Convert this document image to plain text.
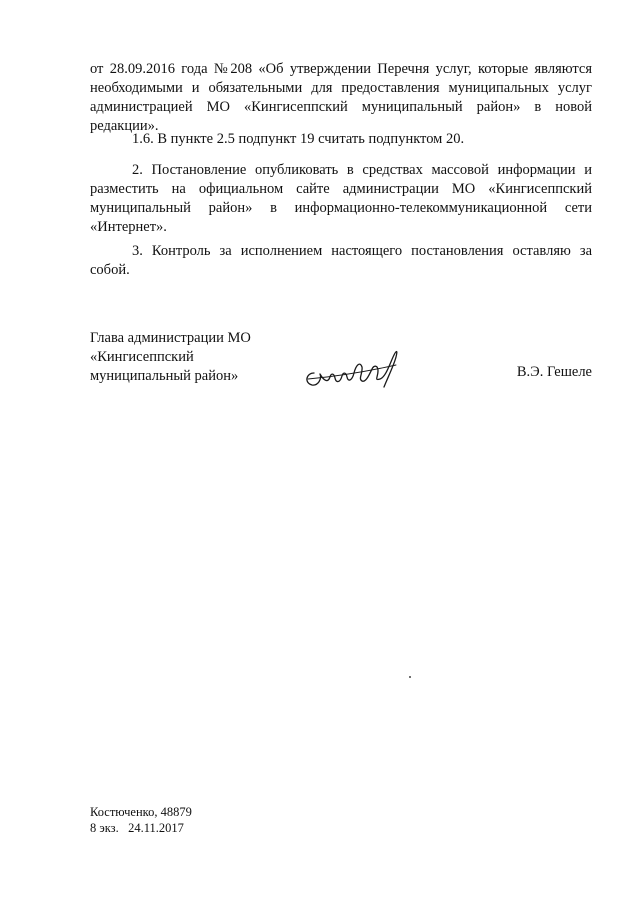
от 28.09.2016 года №208 «Об утверждении Перечня услуг, которые являются необходимыми и обязательными для предоставления муниципальных услуг администрацией МО «Кингисеппский муниципальный район» в новой редакции».

1.6. В пункте 2.5 подпункт 19 считать подпунктом 20.

2. Постановление опубликовать в средствах массовой информации и разместить на официальном сайте администрации МО «Кингисеппский муниципальный район» в информационно-телекоммуникационной сети «Интернет».

3. Контроль за исполнением настоящего постановления оставляю за собой.

Глава администрации МО
«Кингисеппский
муниципальный район»	В.Э. Гешеле
Костюченко, 48879
8 экз.   24.11.2017
